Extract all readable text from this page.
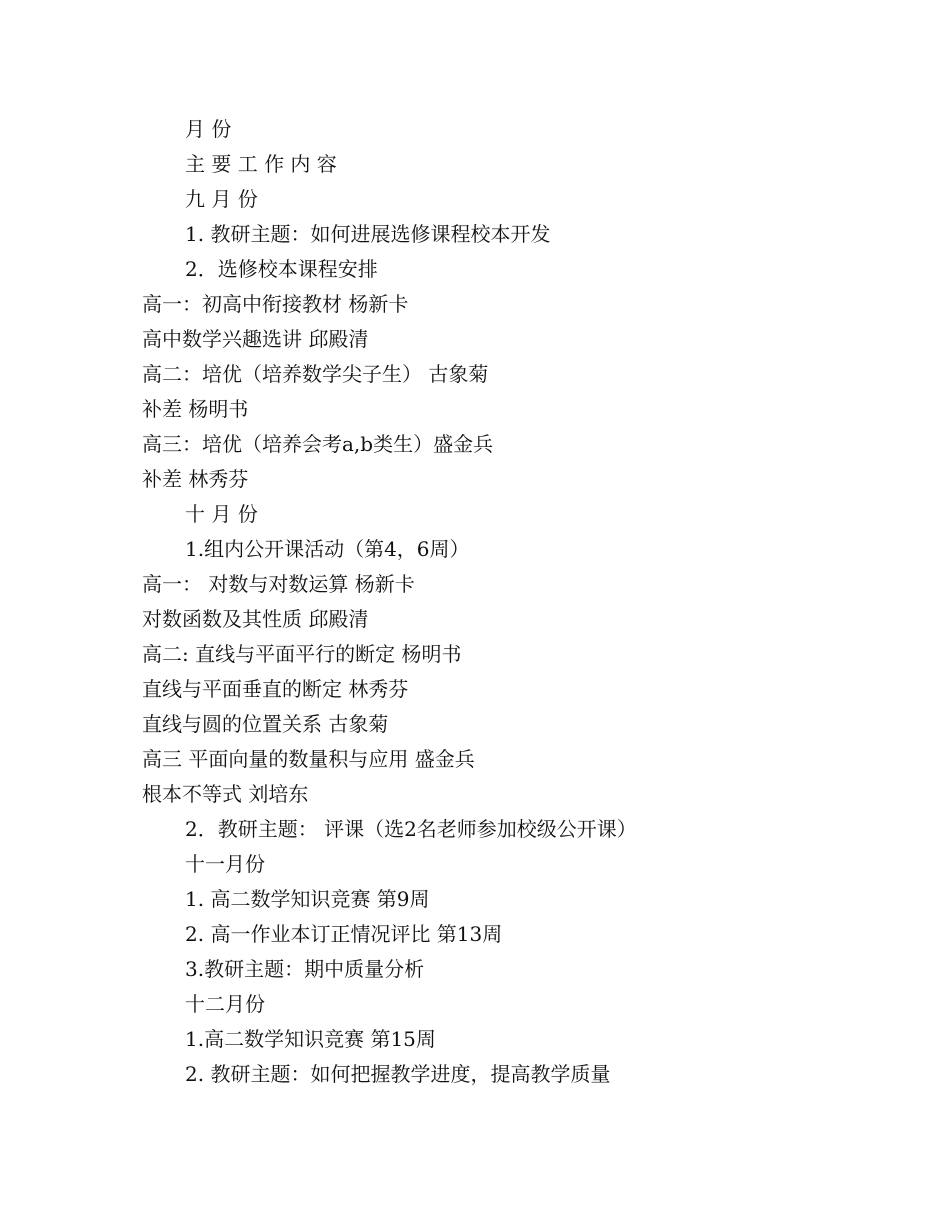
月 份
主 要 工 作 内 容
九 月 份
1. 教研主题：如何进展选修课程校本开发
2．选修校本课程安排
高一：初高中衔接教材 杨新卡
高中数学兴趣选讲 邱殿清
高二：培优（培养数学尖子生） 古象菊
补差 杨明书
高三：培优（培养会考a,b类生）盛金兵
补差 林秀芬
十 月 份
1.组内公开课活动（第4，6周）
高一： 对数与对数运算 杨新卡
对数函数及其性质 邱殿清
高二: 直线与平面平行的断定 杨明书
直线与平面垂直的断定 林秀芬
直线与圆的位置关系 古象菊
高三 平面向量的数量积与应用 盛金兵
根本不等式 刘培东
2．教研主题： 评课（选2名老师参加校级公开课）
十一月份
1. 高二数学知识竞赛 第9周
2. 高一作业本订正情况评比 第13周
3.教研主题：期中质量分析
十二月份
1.高二数学知识竞赛 第15周
2. 教研主题：如何把握教学进度，提高教学质量
